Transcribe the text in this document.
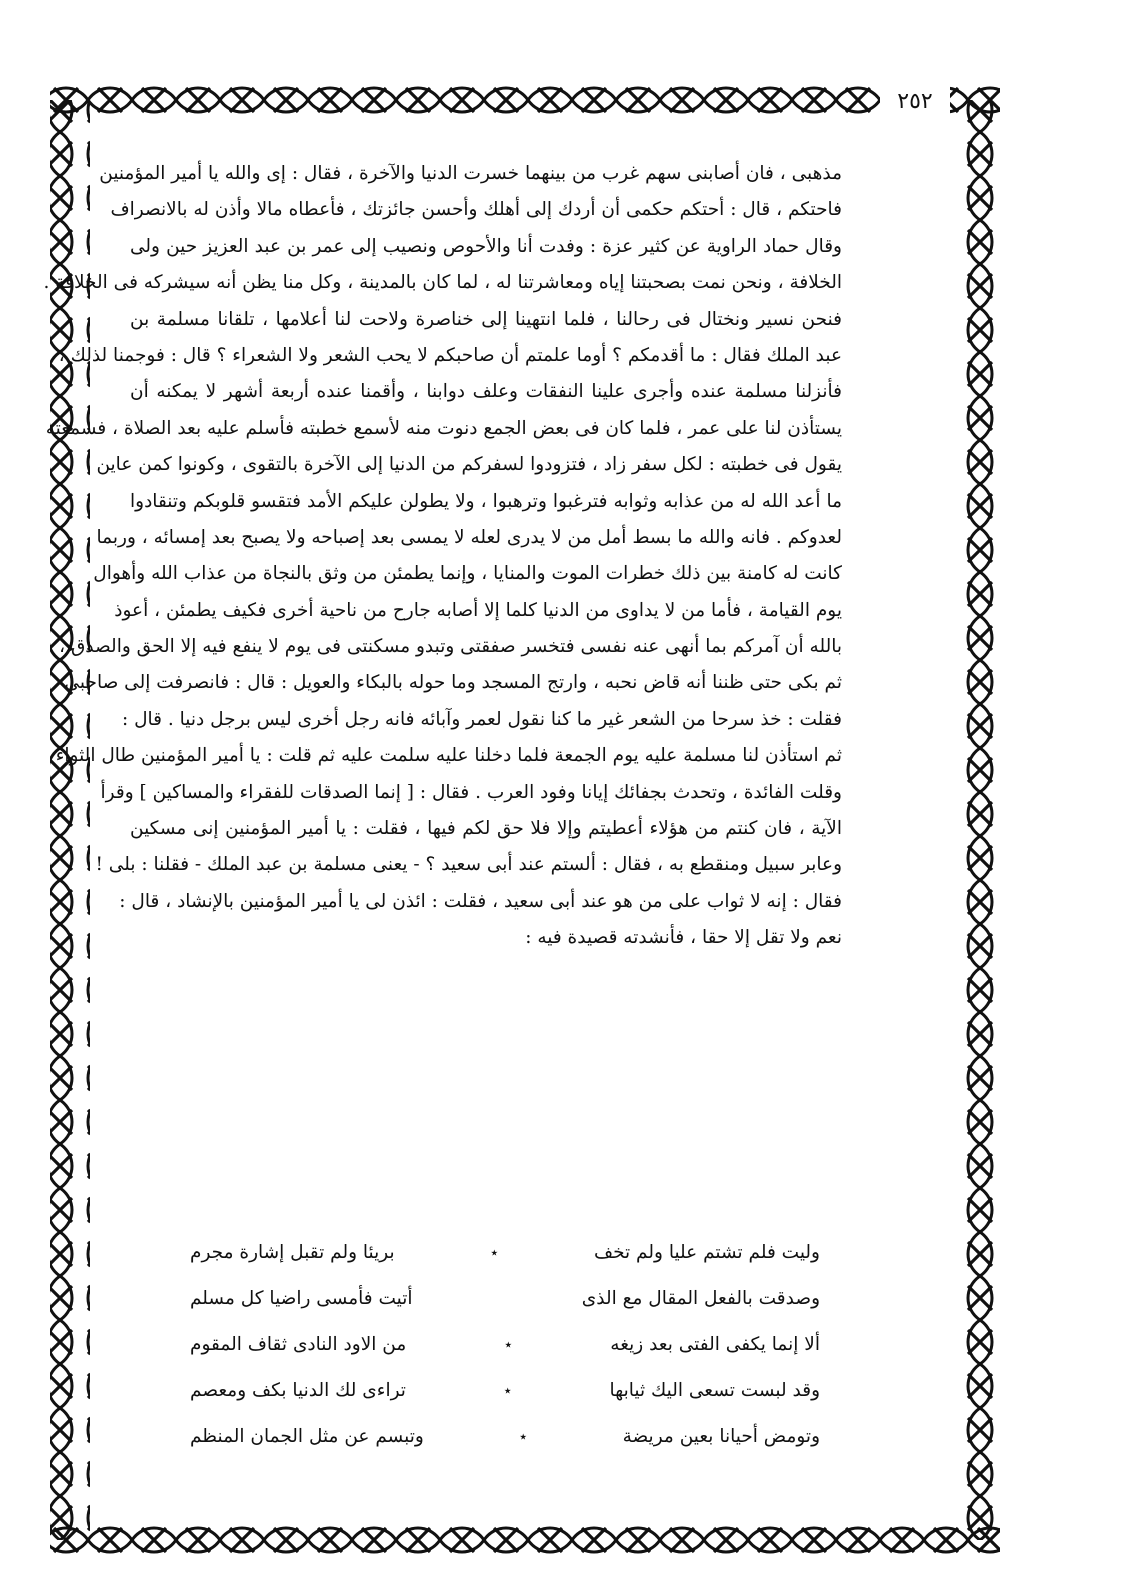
٢٥٢
مذهبى ، فان أصابنى سهم غرب من بينهما خسرت الدنيا والآخرة ، فقال : إى والله يا أمير المؤمنين
فاحتكم ، قال : أحتكم حكمى أن أردك إلى أهلك وأحسن جائزتك ، فأعطاه مالا وأذن له بالانصراف
وقال حماد الراوية عن كثير عزة : وفدت أنا والأحوص ونصيب إلى عمر بن عبد العزيز حين ولى
الخلافة ، ونحن نمت بصحبتنا إياه ومعاشرتنا له ، لما كان بالمدينة ، وكل منا يظن أنه سيشركه فى الخلافة .
فنحن نسير ونختال فى رحالنا ، فلما انتهينا إلى خناصرة ولاحت لنا أعلامها ، تلقانا مسلمة بن
عبد الملك فقال : ما أقدمكم ؟ أوما علمتم أن صاحبكم لا يحب الشعر ولا الشعراء ؟ قال : فوجمنا لذلك ،
فأنزلنا مسلمة عنده وأجرى علينا النفقات وعلف دوابنا ، وأقمنا عنده أربعة أشهر لا يمكنه أن
يستأذن لنا على عمر ، فلما كان فى بعض الجمع دنوت منه لأسمع خطبته فأسلم عليه بعد الصلاة ، فسمعته
يقول فى خطبته : لكل سفر زاد ، فتزودوا لسفركم من الدنيا إلى الآخرة بالتقوى ، وكونوا كمن عاين
ما أعد الله له من عذابه وثوابه فترغبوا وترهبوا ، ولا يطولن عليكم الأمد فتقسو قلوبكم وتنقادوا
لعدوكم . فانه والله ما بسط أمل من لا يدرى لعله لا يمسى بعد إصباحه ولا يصبح بعد إمسائه ، وربما
كانت له كامنة بين ذلك خطرات الموت والمنايا ، وإنما يطمئن من وثق بالنجاة من عذاب الله وأهوال
يوم القيامة ، فأما من لا يداوى من الدنيا كلما إلا أصابه جارح من ناحية أخرى فكيف يطمئن ، أعوذ
بالله أن آمركم بما أنهى عنه نفسى فتخسر صفقتى وتبدو مسكنتى فى يوم لا ينفع فيه إلا الحق والصدق ،
ثم بكى حتى ظننا أنه قاض نحبه ، وارتج المسجد وما حوله بالبكاء والعويل : قال : فانصرفت إلى صاحبى
فقلت : خذ سرحا من الشعر غير ما كنا نقول لعمر وآبائه فانه رجل أخرى ليس برجل دنيا . قال :
ثم استأذن لنا مسلمة عليه يوم الجمعة فلما دخلنا عليه سلمت عليه ثم قلت : يا أمير المؤمنين طال الثواء
وقلت الفائدة ، وتحدث بجفائك إيانا وفود العرب . فقال : [ إنما الصدقات للفقراء والمساكين ] وقرأ
الآية ، فان كنتم من هؤلاء أعطيتم وإلا فلا حق لكم فيها ، فقلت : يا أمير المؤمنين إنى مسكين
وعابر سبيل ومنقطع به ، فقال : ألستم عند أبى سعيد ؟ - يعنى مسلمة بن عبد الملك - فقلنا : بلى !
فقال : إنه لا ثواب على من هو عند أبى سعيد ، فقلت : ائذن لى يا أمير المؤمنين بالإنشاد ، قال :
نعم ولا تقل إلا حقا ، فأنشدته قصيدة فيه :
وليت فلم تشتم عليا ولم تخف
٭
بريئا ولم تقبل إشارة مجرم
وصدقت بالفعل المقال مع الذى
أتيت فأمسى راضيا كل مسلم
ألا إنما يكفى الفتى بعد زيغه
٭
من الاود النادى ثقاف المقوم
وقد لبست تسعى اليك ثيابها
٭
تراءى لك الدنيا بكف ومعصم
وتومض أحيانا بعين مريضة
٭
وتبسم عن مثل الجمان المنظم
